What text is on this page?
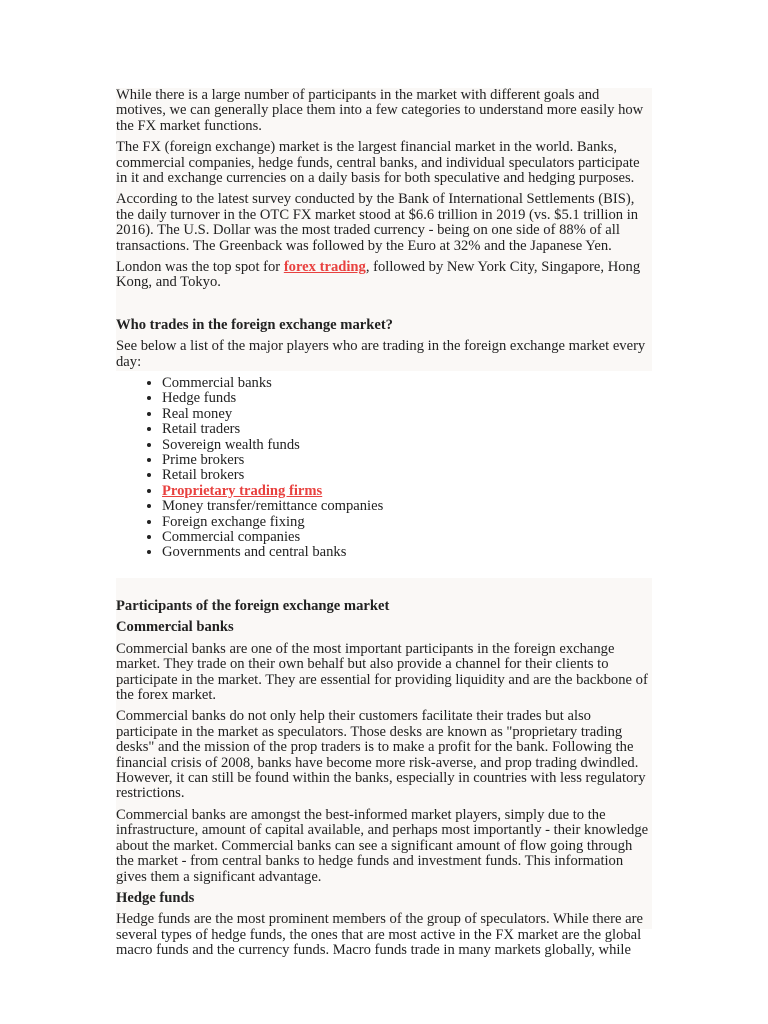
While there is a large number of participants in the market with different goals and motives, we can generally place them into a few categories to understand more easily how the FX market functions.

The FX (foreign exchange) market is the largest financial market in the world. Banks, commercial companies, hedge funds, central banks, and individual speculators participate in it and exchange currencies on a daily basis for both speculative and hedging purposes.

According to the latest survey conducted by the Bank of International Settlements (BIS), the daily turnover in the OTC FX market stood at $6.6 trillion in 2019 (vs. $5.1 trillion in 2016). The U.S. Dollar was the most traded currency - being on one side of 88% of all transactions. The Greenback was followed by the Euro at 32% and the Japanese Yen.

London was the top spot for forex trading, followed by New York City, Singapore, Hong Kong, and Tokyo.

Who trades in the foreign exchange market?

See below a list of the major players who are trading in the foreign exchange market every day:

• Commercial banks
• Hedge funds
• Real money
• Retail traders
• Sovereign wealth funds
• Prime brokers
• Retail brokers
• Proprietary trading firms
• Money transfer/remittance companies
• Foreign exchange fixing
• Commercial companies
• Governments and central banks
Participants of the foreign exchange market
Commercial banks

Commercial banks are one of the most important participants in the foreign exchange market. They trade on their own behalf but also provide a channel for their clients to participate in the market. They are essential for providing liquidity and are the backbone of the forex market.

Commercial banks do not only help their customers facilitate their trades but also participate in the market as speculators. Those desks are known as "proprietary trading desks" and the mission of the prop traders is to make a profit for the bank. Following the financial crisis of 2008, banks have become more risk-averse, and prop trading dwindled. However, it can still be found within the banks, especially in countries with less regulatory restrictions.

Commercial banks are amongst the best-informed market players, simply due to the infrastructure, amount of capital available, and perhaps most importantly - their knowledge about the market. Commercial banks can see a significant amount of flow going through the market - from central banks to hedge funds and investment funds. This information gives them a significant advantage.

Hedge funds

Hedge funds are the most prominent members of the group of speculators. While there are several types of hedge funds, the ones that are most active in the FX market are the global macro funds and the currency funds. Macro funds trade in many markets globally, while
